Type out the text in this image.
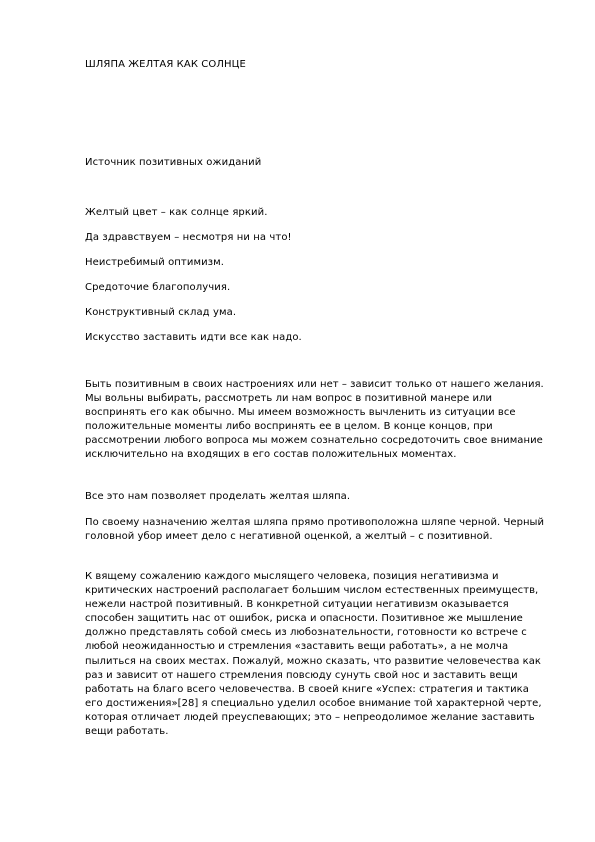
ШЛЯПА ЖЕЛТАЯ КАК СОЛНЦЕ
Источник позитивных ожиданий
Желтый цвет – как солнце яркий.
Да здравствуем – несмотря ни на что!
Неистребимый оптимизм.
Средоточие благополучия.
Конструктивный склад ума.
Искусство заставить идти все как надо.
Быть позитивным в своих настроениях или нет – зависит только от нашего желания. Мы вольны выбирать, рассмотреть ли нам вопрос в позитивной манере или воспринять его как обычно. Мы имеем возможность вычленить из ситуации все положительные моменты либо воспринять ее в целом. В конце концов, при рассмотрении любого вопроса мы можем сознательно сосредоточить свое внимание исключительно на входящих в его состав положительных моментах.
Все это нам позволяет проделать желтая шляпа.
По своему назначению желтая шляпа прямо противоположна шляпе черной. Черный головной убор имеет дело с негативной оценкой, а желтый – с позитивной.
К вящему сожалению каждого мыслящего человека, позиция негативизма и критических настроений располагает большим числом естественных преимуществ, нежели настрой позитивный. В конкретной ситуации негативизм оказывается способен защитить нас от ошибок, риска и опасности. Позитивное же мышление должно представлять собой смесь из любознательности, готовности ко встрече с любой неожиданностью и стремления «заставить вещи работать», а не молча пылиться на своих местах. Пожалуй, можно сказать, что развитие человечества как раз и зависит от нашего стремления повсюду сунуть свой нос и заставить вещи работать на благо всего человечества. В своей книге «Успех: стратегия и тактика его достижения»[28] я специально уделил особое внимание той характерной черте, которая отличает людей преуспевающих; это – непреодолимое желание заставить вещи работать.
